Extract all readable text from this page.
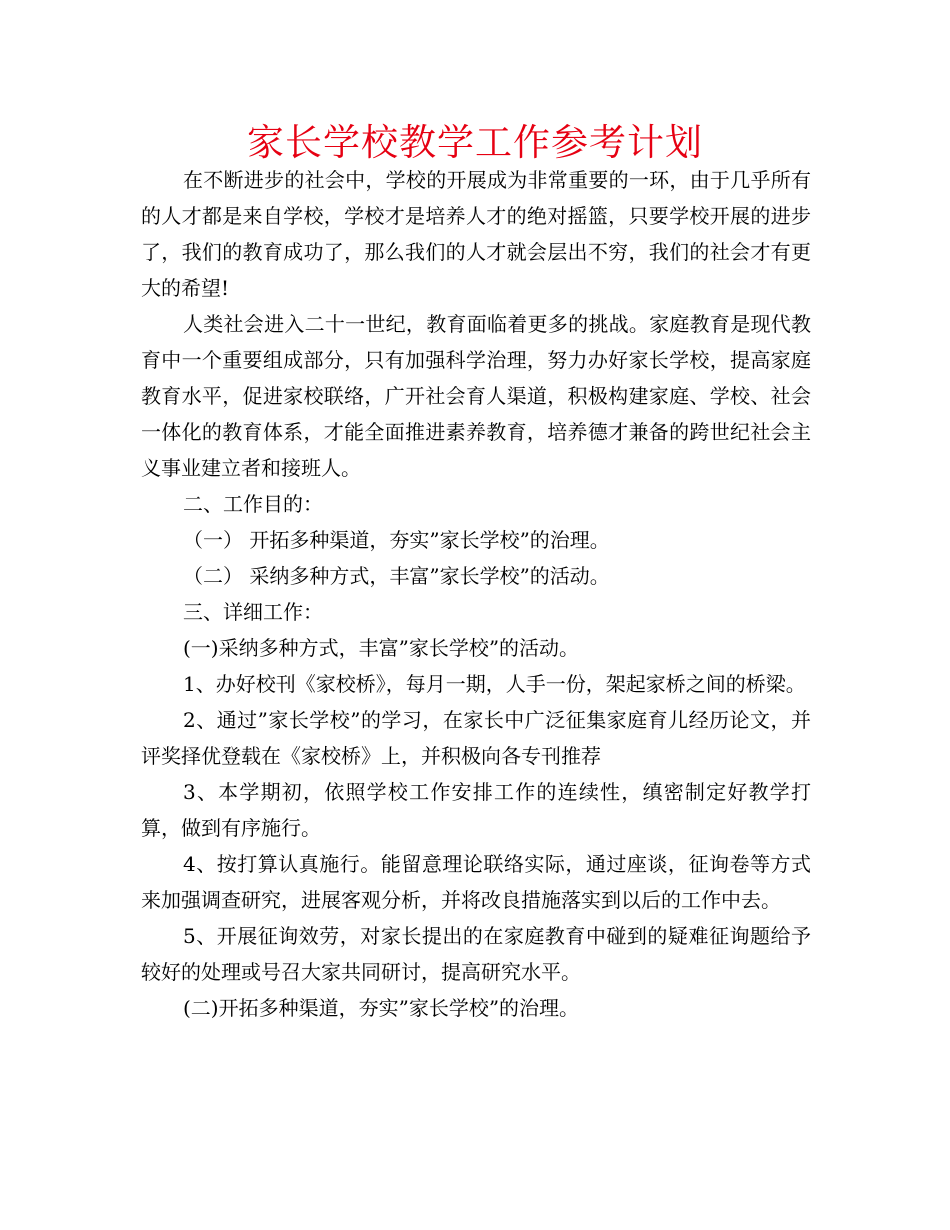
家长学校教学工作参考计划

在不断进步的社会中，学校的开展成为非常重要的一环，由于几乎所有的人才都是来自学校，学校才是培养人才的绝对摇篮，只要学校开展的进步了，我们的教育成功了，那么我们的人才就会层出不穷，我们的社会才有更大的希望!

人类社会进入二十一世纪，教育面临着更多的挑战。家庭教育是现代教育中一个重要组成部分，只有加强科学治理，努力办好家长学校，提高家庭教育水平，促进家校联络，广开社会育人渠道，积极构建家庭、学校、社会一体化的教育体系，才能全面推进素养教育，培养德才兼备的跨世纪社会主义事业建立者和接班人。

二、工作目的：

（一） 开拓多种渠道，夯实”家长学校”的治理。

（二） 采纳多种方式，丰富”家长学校”的活动。

三、详细工作：

(一)采纳多种方式，丰富”家长学校”的活动。

1、办好校刊《家校桥》，每月一期，人手一份，架起家桥之间的桥梁。

2、通过”家长学校”的学习，在家长中广泛征集家庭育儿经历论文，并评奖择优登载在《家校桥》上，并积极向各专刊推荐

3、本学期初，依照学校工作安排工作的连续性，缜密制定好教学打算，做到有序施行。

4、按打算认真施行。能留意理论联络实际，通过座谈，征询卷等方式来加强调查研究，进展客观分析，并将改良措施落实到以后的工作中去。

5、开展征询效劳，对家长提出的在家庭教育中碰到的疑难征询题给予较好的处理或号召大家共同研讨，提高研究水平。

(二)开拓多种渠道，夯实”家长学校”的治理。
